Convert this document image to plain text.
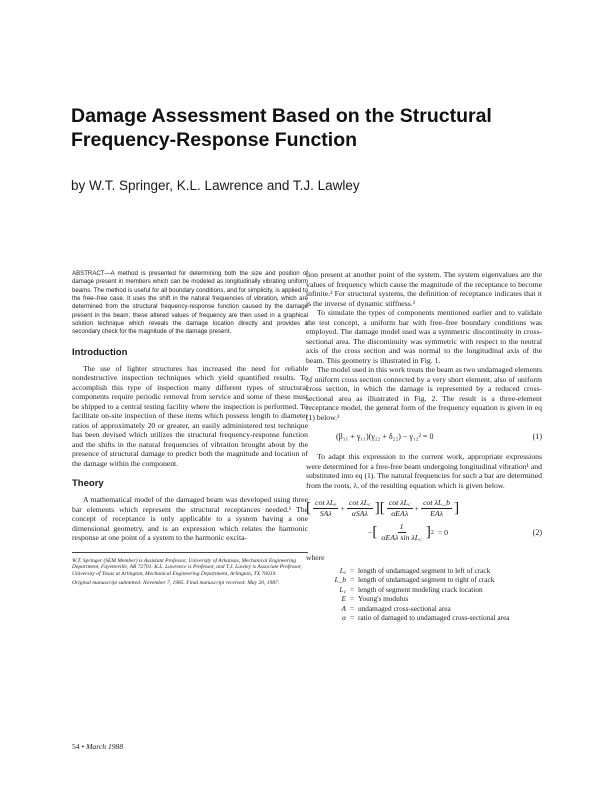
Damage Assessment Based on the Structural Frequency-Response Function

by W.T. Springer, K.L. Lawrence and T.J. Lawley

ABSTRACT—A method is presented for determining both the size and position of damage present in members which can be modeled as longitudinally vibrating uniform beams. The method is useful for all boundary conditions, and for simplicity, is applied to the free–free case. It uses the shift in the natural frequencies of vibration, which are determined from the structural frequency-response function caused by the damage present in the beam; these altered values of frequency are then used in a graphical solution technique which reveals the damage location directly and provides a secondary check for the magnitude of the damage present.

Introduction

The use of lighter structures has increased the need for reliable nondestructive inspection techniques which yield quantified results. To accomplish this type of inspection many different types of structural components require periodic removal from service and some of these must be shipped to a central testing facility where the inspection is performed. To facilitate on-site inspection of these items which possess length to diameter ratios of approximately 20 or greater, an easily administered test technique has been devised which utilizes the structural frequency-response function and the shifts in the natural frequencies of vibration brought about by the presence of structural damage to predict both the magnitude and location of the damage within the component.

Theory

A mathematical model of the damaged beam was developed using three bar elements which represent the structural receptances needed.¹ The concept of receptance is only applicable to a system having a one dimensional geometry, and is an expression which relates the harmonic response at one point of a system to the harmonic excita-

W.T. Springer (SEM Member) is Assistant Professor, University of Arkansas, Mechanical Engineering Department, Fayetteville, AR 72701. K.L. Lawrence is Professor, and T.J. Lawley is Associate Professor, University of Texas at Arlington, Mechanical Engineering Department, Arlington, TX 76019.

Original manuscript submitted: November 7, 1985. Final manuscript received: May 20, 1987.

tion present at another point of the system. The system eigenvalues are the values of frequency which cause the magnitude of the receptance to become infinite.² For structural systems, the definition of receptance indicates that it is the inverse of dynamic stiffness.³

To simulate the types of components mentioned earlier and to validate the test concept, a uniform bar with free–free boundary conditions was employed. The damage model used was a symmetric discontinuity in cross-sectional area. The discontinuity was symmetric with respect to the neutral axis of the cross section and was normal to the longitudinal axis of the beam. This geometry is illustrated in Fig. 1.

The model used in this work treats the beam as two undamaged elements of uniform cross section connected by a very short element, also of uniform cross section, in which the damage is represented by a reduced cross-sectional area as illustrated in Fig. 2. The result is a three-element receptance model, the general form of the frequency equation is given in eq (1) below.²

(β₁₁ + γ₁₁)(γ₂₂ + δ₂₂) − γ₁₂² = 0	(1)

To adapt this expression to the current work, appropriate expressions were determined for a free-free beam undergoing longitudinal vibration¹ and substituted into eq (1). The natural frequencies for such a bar are determined from the roots, λ, of the resulting equation which is given below.

[ $\frac{\text{cot λLₐ}}{\text{SAλ}} + \frac{\text{cot λL꜀}}{\text{αSAλ}}$ ][ $\frac{\text{cot λL꜀}}{\text{αEAλ}} + \frac{\text{cot λL\_b}}{\text{EAλ}}$ ]
− [ $\frac{1}{\text{αEAλ sin λL꜀}}$ ] 2 = 0	(2)

where

Lₐ = length of undamaged segment to left of crack
L_b = length of undamaged segment to right of crack
L꜀ = length of segment modeling crack location
E = Young's modulus
A = undamaged cross-sectional area
α = ratio of damaged to undamaged cross-sectional area
54 • March 1988
